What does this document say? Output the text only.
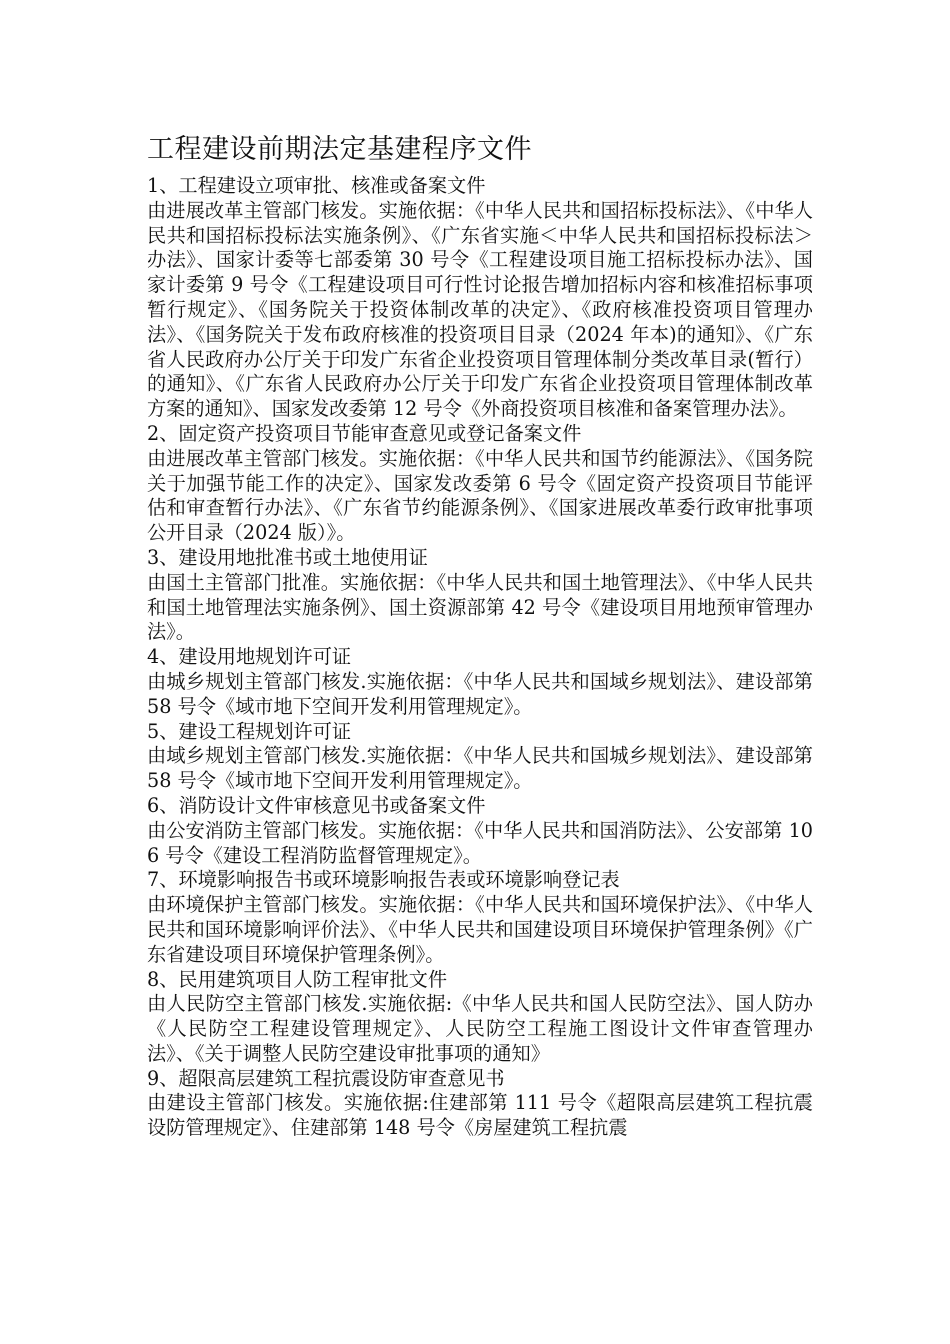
工程建设前期法定基建程序文件

1、工程建设立项审批、核准或备案文件

由进展改革主管部门核发。实施依据：《中华人民共和国招标投标法》、《中华人民共和国招标投标法实施条例》、《广东省实施＜中华人民共和国招标投标法＞办法》、国家计委等七部委第 30 号令《工程建设项目施工招标投标办法》、国家计委第 9 号令《工程建设项目可行性讨论报告增加招标内容和核准招标事项暂行规定》、《国务院关于投资体制改革的决定》、《政府核准投资项目管理办法》、《国务院关于发布政府核准的投资项目目录（2024 年本)的通知》、《广东省人民政府办公厅关于印发广东省企业投资项目管理体制分类改革目录(暂行）的通知》、《广东省人民政府办公厅关于印发广东省企业投资项目管理体制改革方案的通知》、国家发改委第 12 号令《外商投资项目核准和备案管理办法》。

2、固定资产投资项目节能审查意见或登记备案文件

由进展改革主管部门核发。实施依据：《中华人民共和国节约能源法》、《国务院关于加强节能工作的决定》、国家发改委第 6 号令《固定资产投资项目节能评估和审查暂行办法》、《广东省节约能源条例》、《国家进展改革委行政审批事项公开目录（2024 版）》。

3、建设用地批准书或土地使用证

由国土主管部门批准。实施依据：《中华人民共和国土地管理法》、《中华人民共和国土地管理法实施条例》、国土资源部第 42 号令《建设项目用地预审管理办法》。

4、建设用地规划许可证

由城乡规划主管部门核发.实施依据：《中华人民共和国域乡规划法》、建设部第 58 号令《域市地下空间开发利用管理规定》。

5、建设工程规划许可证

由域乡规划主管部门核发.实施依据：《中华人民共和国城乡规划法》、建设部第 58 号令《域市地下空间开发利用管理规定》。

6、消防设计文件审核意见书或备案文件

由公安消防主管部门核发。实施依据：《中华人民共和国消防法》、公安部第 106 号令《建设工程消防监督管理规定》。

7、环境影响报告书或环境影响报告表或环境影响登记表

由环境保护主管部门核发。实施依据：《中华人民共和国环境保护法》、《中华人民共和国环境影响评价法》、《中华人民共和国建设项目环境保护管理条例》《广东省建设项目环境保护管理条例》。

8、民用建筑项目人防工程审批文件

由人民防空主管部门核发.实施依据:《中华人民共和国人民防空法》、国人防办《人民防空工程建设管理规定》、人民防空工程施工图设计文件审查管理办法》、《关于调整人民防空建设审批事项的通知》

9、超限高层建筑工程抗震设防审查意见书

由建设主管部门核发。实施依据:住建部第 111 号令《超限高层建筑工程抗震设防管理规定》、住建部第 148 号令《房屋建筑工程抗震
